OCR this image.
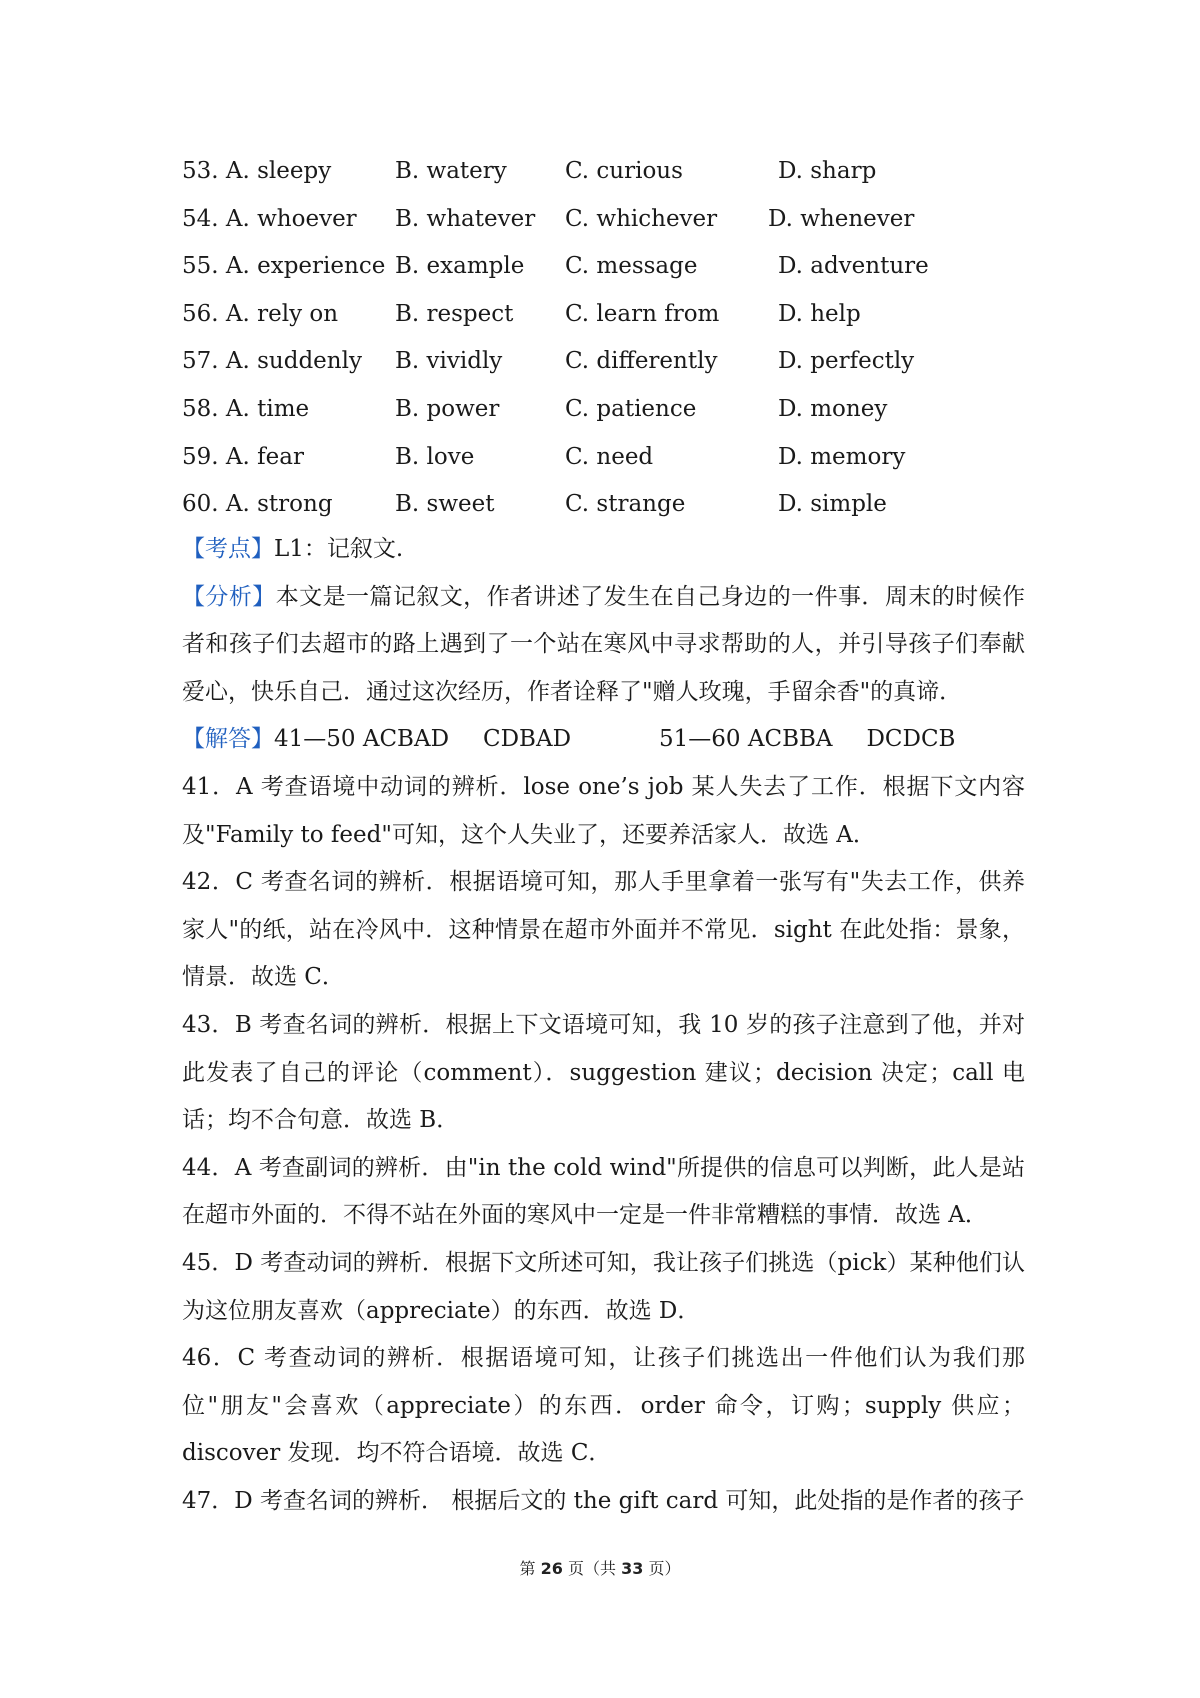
53. A. sleepy	B. watery	C. curious	D. sharp
54. A. whoever B. whatever C. whichever D. whenever
55. A. experience B. example C. message	D. adventure
56. A. rely on B. respect C. learn from	D. help
57. A. suddenly B. vividly	C. differently	D. perfectly
58. A. time	B. power	C. patience	D. money
59. A. fear	B. love	C. need	D. memory
60. A. strong	B. sweet	C. strange	D. simple

【考点】L1：记叙文.

【分析】本文是一篇记叙文，作者讲述了发生在自己身边的一件事．周末的时候作者和孩子们去超市的路上遇到了一个站在寒风中寻求帮助的人，并引导孩子们奉献爱心，快乐自己．通过这次经历，作者诠释了"赠人玫瑰，手留余香"的真谛．

【解答】41—50 ACBAD CDBAD	51—60 ACBBA DCDCB

41．A 考查语境中动词的辨析．lose one’s job 某人失去了工作．根据下文内容及"Family to feed"可知，这个人失业了，还要养活家人．故选 A．

42．C 考查名词的辨析．根据语境可知，那人手里拿着一张写有"失去工作，供养家人"的纸，站在冷风中．这种情景在超市外面并不常见．sight 在此处指：景象，情景．故选 C．

43．B 考查名词的辨析．根据上下文语境可知，我 10 岁的孩子注意到了他，并对此发表了自己的评论（comment）．suggestion 建议；decision 决定；call 电话；均不合句意．故选 B．

44．A 考查副词的辨析．由"in the cold wind"所提供的信息可以判断，此人是站在超市外面的．不得不站在外面的寒风中一定是一件非常糟糕的事情．故选 A．

45．D 考查动词的辨析．根据下文所述可知，我让孩子们挑选（pick）某种他们认为这位朋友喜欢（appreciate）的东西．故选 D．

46．C 考查动词的辨析．根据语境可知，让孩子们挑选出一件他们认为我们那位"朋友"会喜欢（appreciate）的东西．order 命令，订购；supply 供应；discover 发现．均不符合语境．故选 C．

47．D 考查名词的辨析． 根据后文的 the gift card 可知，此处指的是作者的孩子

第 26 页（共 33 页）
